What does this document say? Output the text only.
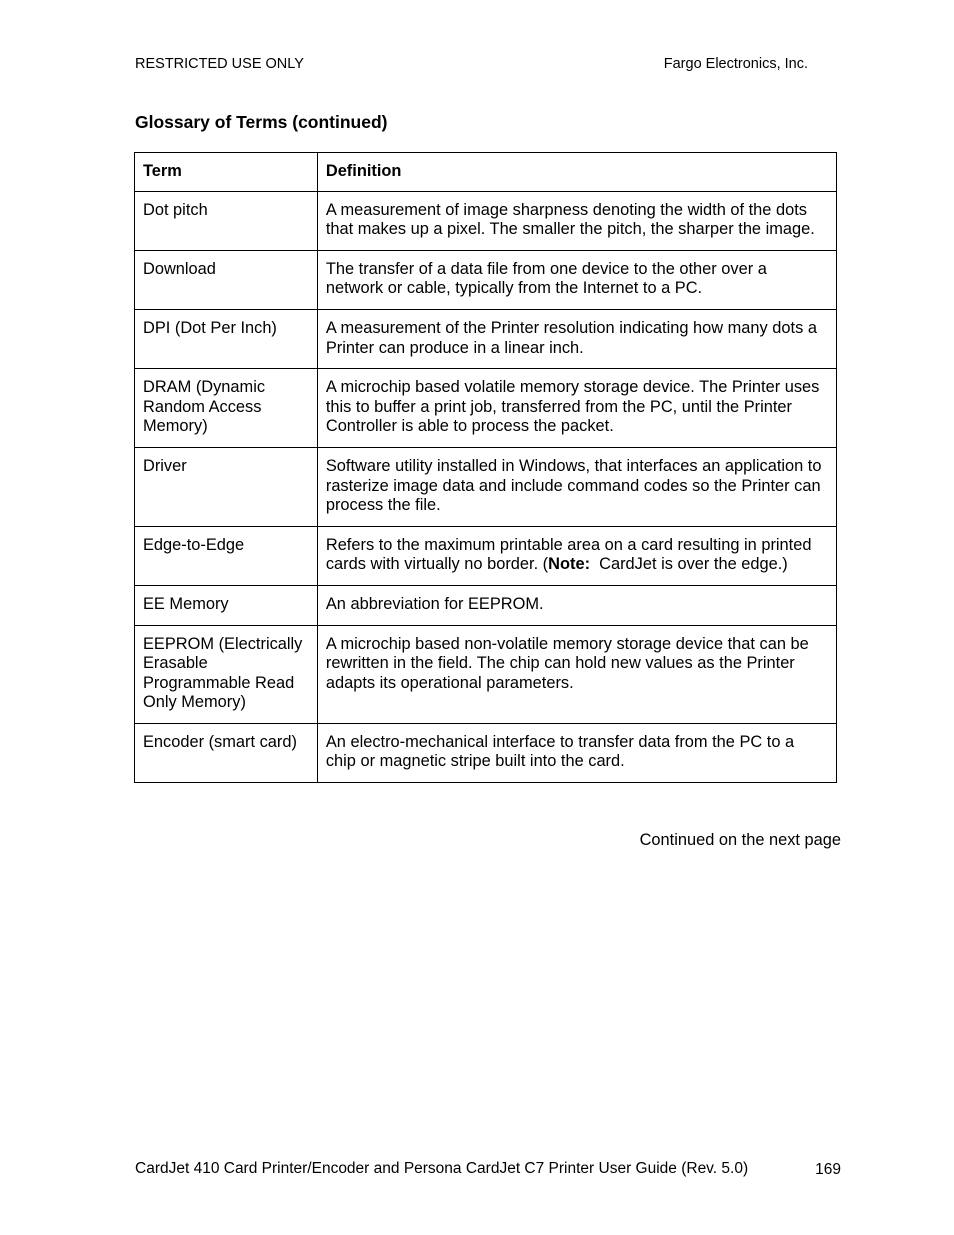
RESTRICTED USE ONLY	Fargo Electronics, Inc.
Glossary of Terms (continued)
Term	Definition
Dot pitch	A measurement of image sharpness denoting the width of the dots that makes up a pixel. The smaller the pitch, the sharper the image.
Download	The transfer of a data file from one device to the other over a network or cable, typically from the Internet to a PC.
DPI (Dot Per Inch)	A measurement of the Printer resolution indicating how many dots a Printer can produce in a linear inch.
DRAM (Dynamic Random Access Memory)	A microchip based volatile memory storage device. The Printer uses this to buffer a print job, transferred from the PC, until the Printer Controller is able to process the packet.
Driver	Software utility installed in Windows, that interfaces an application to rasterize image data and include command codes so the Printer can process the file.
Edge-to-Edge	Refers to the maximum printable area on a card resulting in printed cards with virtually no border. (Note:  CardJet is over the edge.)
EE Memory	An abbreviation for EEPROM.
EEPROM (Electrically Erasable Programmable Read Only Memory)	A microchip based non-volatile memory storage device that can be rewritten in the field. The chip can hold new values as the Printer adapts its operational parameters.
Encoder (smart card)	An electro-mechanical interface to transfer data from the PC to a chip or magnetic stripe built into the card.
Continued on the next page
CardJet 410 Card Printer/Encoder and Persona CardJet C7 Printer User Guide (Rev. 5.0)	169
